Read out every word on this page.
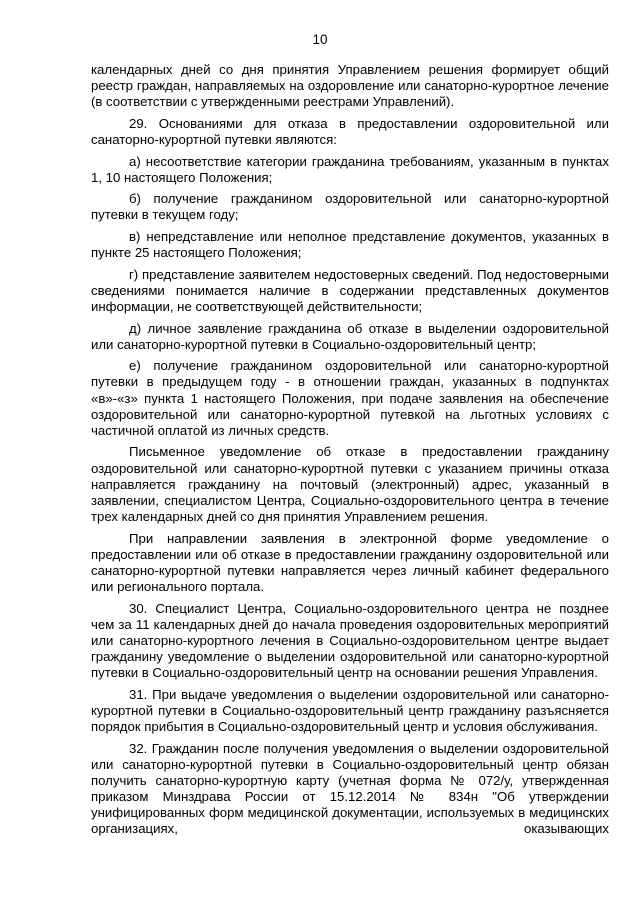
10

календарных дней со дня принятия Управлением решения формирует общий реестр граждан, направляемых на оздоровление или санаторно-курортное лечение (в соответствии с утвержденными реестрами Управлений).

29. Основаниями для отказа в предоставлении оздоровительной или санаторно-курортной путевки являются:

а) несоответствие категории гражданина требованиям, указанным в пунктах 1, 10 настоящего Положения;

б) получение гражданином оздоровительной или санаторно-курортной путевки в текущем году;

в) непредставление или неполное представление документов, указанных в пункте 25 настоящего Положения;

г) представление заявителем недостоверных сведений. Под недостоверными сведениями понимается наличие в содержании представленных документов информации, не соответствующей действительности;

д) личное заявление гражданина об отказе в выделении оздоровительной или санаторно-курортной путевки в Социально-оздоровительный центр;

е) получение гражданином оздоровительной или санаторно-курортной путевки в предыдущем году - в отношении граждан, указанных в подпунктах «в»-«з» пункта 1 настоящего Положения, при подаче заявления на обеспечение оздоровительной или санаторно-курортной путевкой на льготных условиях с частичной оплатой из личных средств.

Письменное уведомление об отказе в предоставлении гражданину оздоровительной или санаторно-курортной путевки с указанием причины отказа направляется гражданину на почтовый (электронный) адрес, указанный в заявлении, специалистом Центра, Социально-оздоровительного центра в течение трех календарных дней со дня принятия Управлением решения.

При направлении заявления в электронной форме уведомление о предоставлении или об отказе в предоставлении гражданину оздоровительной или санаторно-курортной путевки направляется через личный кабинет федерального или регионального портала.

30. Специалист Центра, Социально-оздоровительного центра не позднее чем за 11 календарных дней до начала проведения оздоровительных мероприятий или санаторно-курортного лечения в Социально-оздоровительном центре выдает гражданину уведомление о выделении оздоровительной или санаторно-курортной путевки в Социально-оздоровительный центр на основании решения Управления.

31. При выдаче уведомления о выделении оздоровительной или санаторно-курортной путевки в Социально-оздоровительный центр гражданину разъясняется порядок прибытия в Социально-оздоровительный центр и условия обслуживания.

32. Гражданин после получения уведомления о выделении оздоровительной или санаторно-курортной путевки в Социально-оздоровительный центр обязан получить санаторно-курортную карту (учетная форма № 072/у, утвержденная приказом Минздрава России от 15.12.2014 № 834н "Об утверждении унифицированных форм медицинской документации, используемых в медицинских организациях, оказывающих
